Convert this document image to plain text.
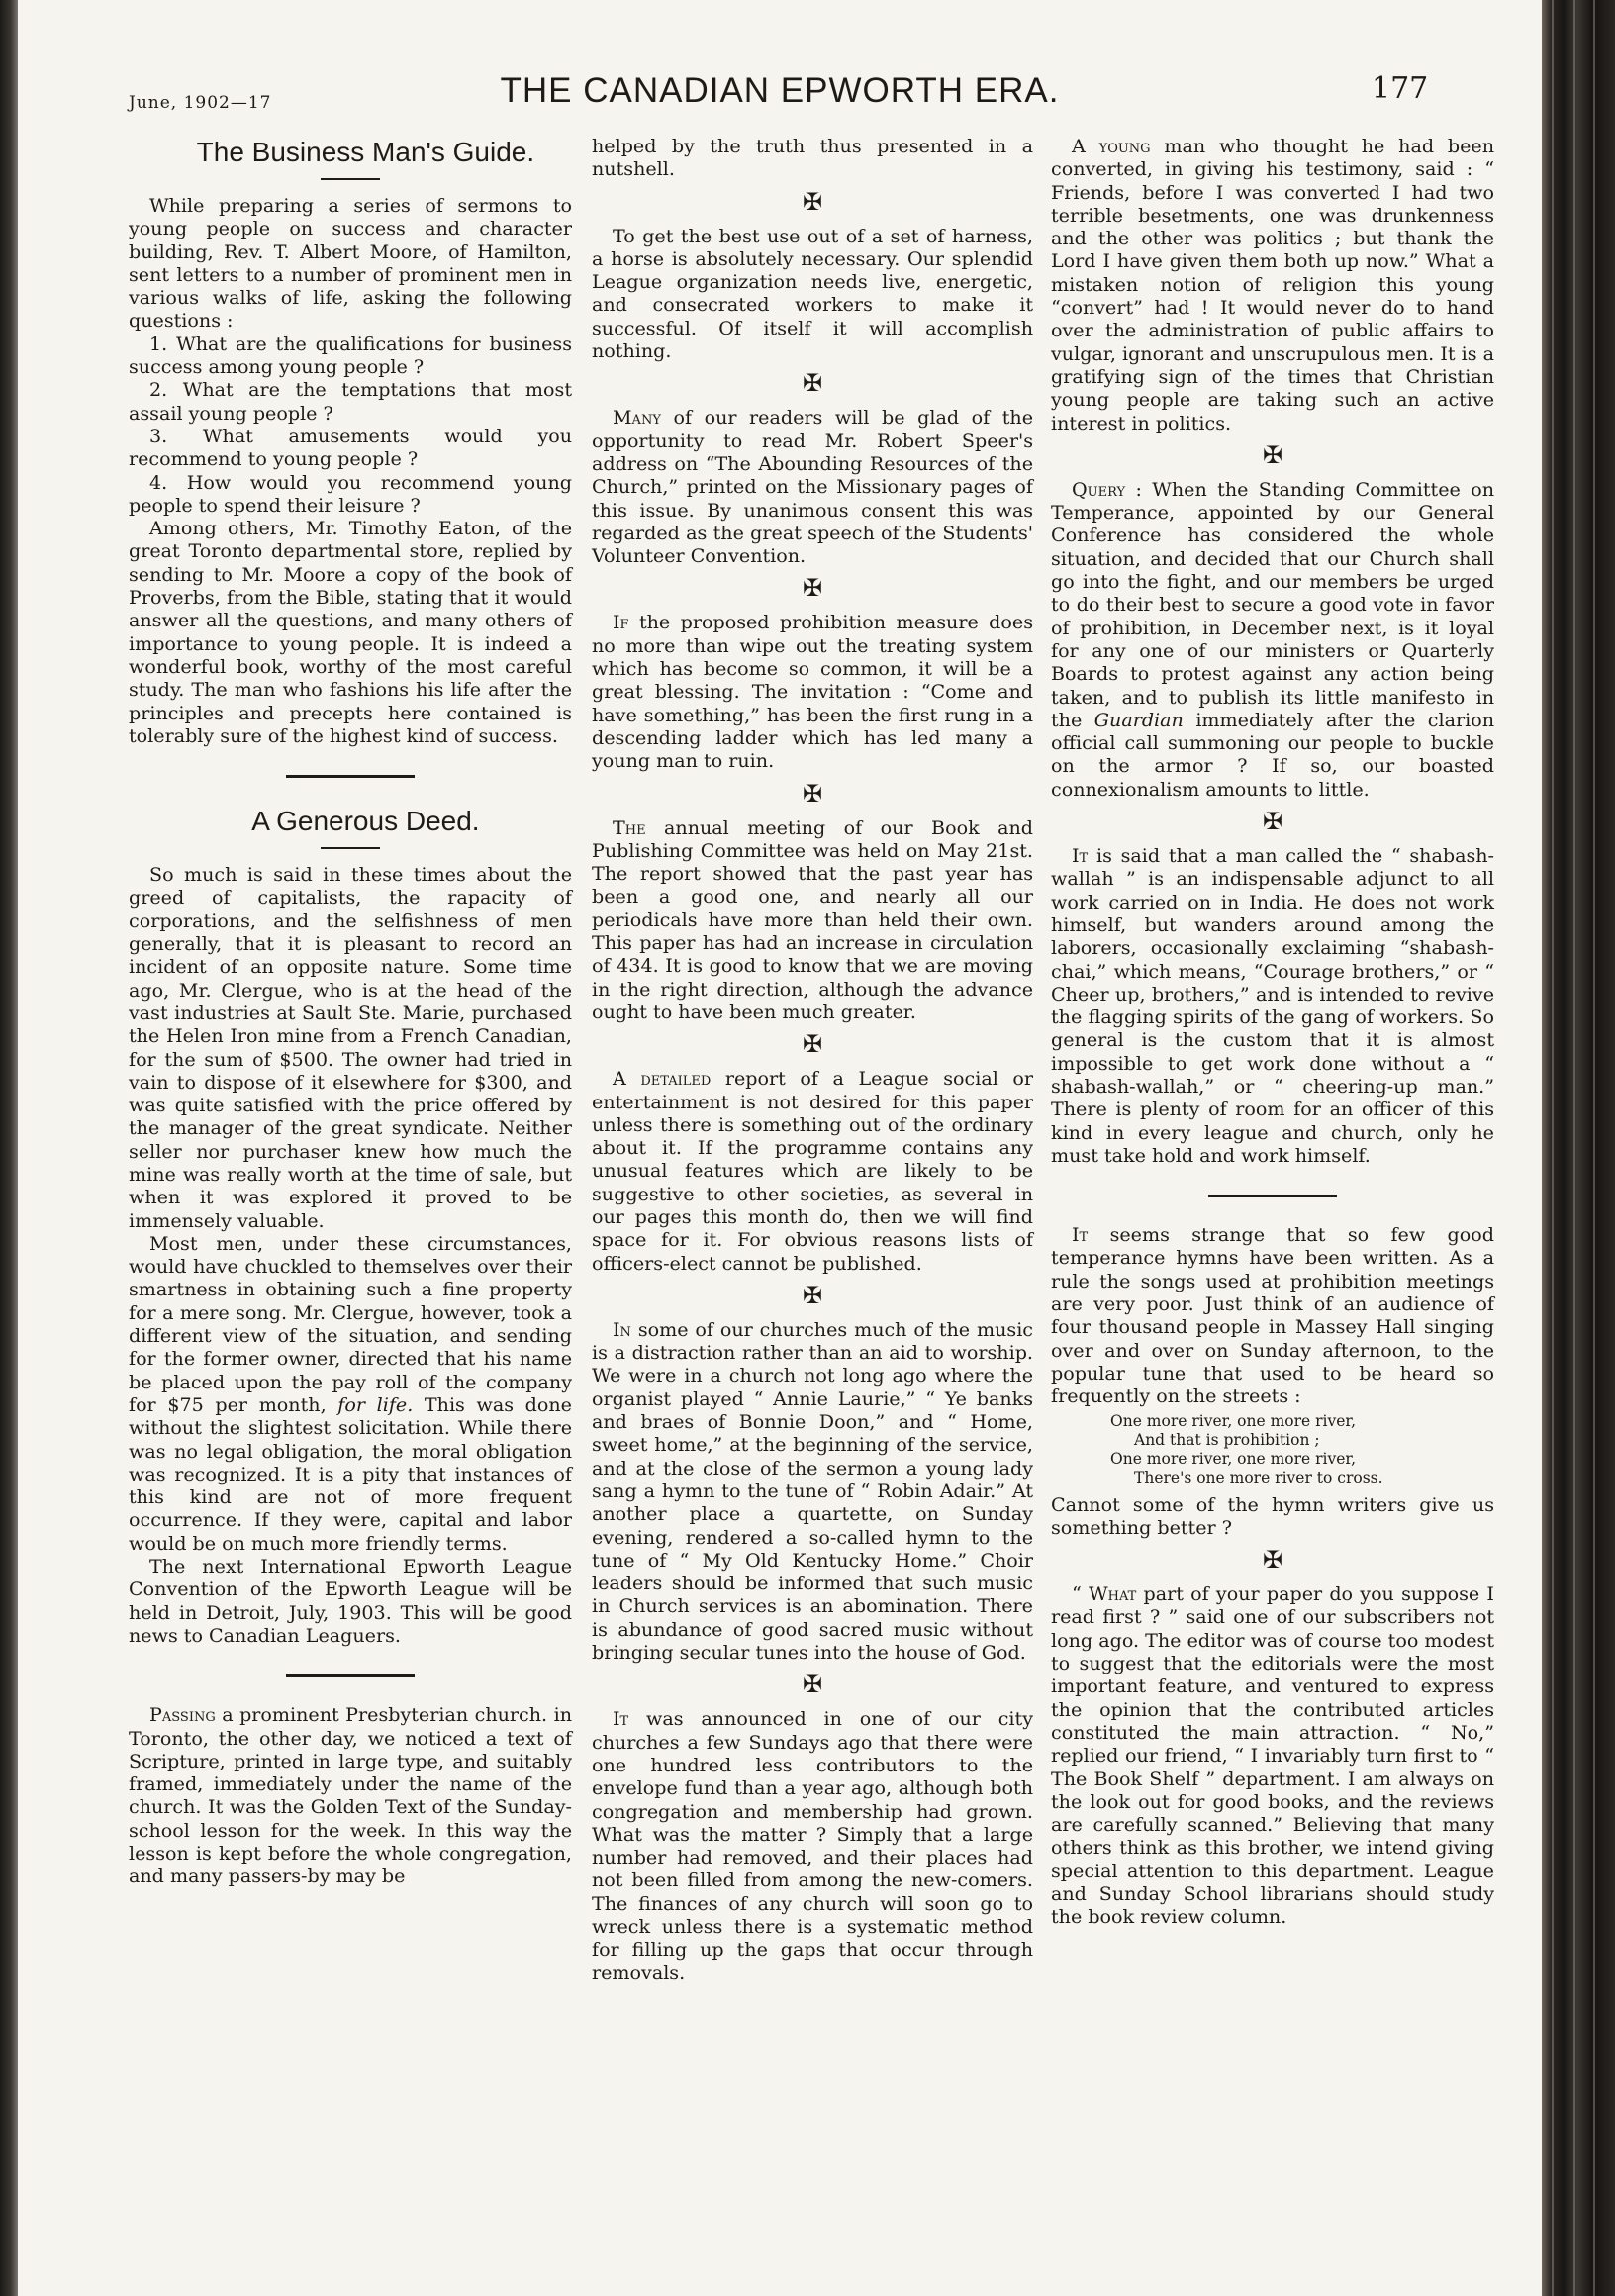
June, 1902—17	THE CANADIAN EPWORTH ERA.	177

The Business Man's Guide.

While preparing a series of sermons to young people on success and character building, Rev. T. Albert Moore, of Hamilton, sent letters to a number of prominent men in various walks of life, asking the following questions :

1. What are the qualifications for business success among young people ?

2. What are the temptations that most assail young people ?

3. What amusements would you recommend to young people ?

4. How would you recommend young people to spend their leisure ?

Among others, Mr. Timothy Eaton, of the great Toronto departmental store, replied by sending to Mr. Moore a copy of the book of Proverbs, from the Bible, stating that it would answer all the questions, and many others of importance to young people. It is indeed a wonderful book, worthy of the most careful study. The man who fashions his life after the principles and precepts here contained is tolerably sure of the highest kind of success.

A Generous Deed.

So much is said in these times about the greed of capitalists, the rapacity of corporations, and the selfishness of men generally, that it is pleasant to record an incident of an opposite nature. Some time ago, Mr. Clergue, who is at the head of the vast industries at Sault Ste. Marie, purchased the Helen Iron mine from a French Canadian, for the sum of $500. The owner had tried in vain to dispose of it elsewhere for $300, and was quite satisfied with the price offered by the manager of the great syndicate. Neither seller nor purchaser knew how much the mine was really worth at the time of sale, but when it was explored it proved to be immensely valuable.

Most men, under these circumstances, would have chuckled to themselves over their smartness in obtaining such a fine property for a mere song. Mr. Clergue, however, took a different view of the situation, and sending for the former owner, directed that his name be placed upon the pay roll of the company for $75 per month, for life. This was done without the slightest solicitation. While there was no legal obligation, the moral obligation was recognized. It is a pity that instances of this kind are not of more frequent occurrence. If they were, capital and labor would be on much more friendly terms.

The next International Epworth League Convention of the Epworth League will be held in Detroit, July, 1903. This will be good news to Canadian Leaguers.

Passing a prominent Presbyterian church. in Toronto, the other day, we noticed a text of Scripture, printed in large type, and suitably framed, immediately under the name of the church. It was the Golden Text of the Sunday-school lesson for the week. In this way the lesson is kept before the whole congregation, and many passers-by may be

helped by the truth thus presented in a nutshell.

✠

To get the best use out of a set of harness, a horse is absolutely necessary. Our splendid League organization needs live, energetic, and consecrated workers to make it successful. Of itself it will accomplish nothing.

✠

Many of our readers will be glad of the opportunity to read Mr. Robert Speer's address on “The Abounding Resources of the Church,” printed on the Missionary pages of this issue. By unanimous consent this was regarded as the great speech of the Students' Volunteer Convention.

✠

If the proposed prohibition measure does no more than wipe out the treating system which has become so common, it will be a great blessing. The invitation : “Come and have something,” has been the first rung in a descending ladder which has led many a young man to ruin.

✠

The annual meeting of our Book and Publishing Committee was held on May 21st. The report showed that the past year has been a good one, and nearly all our periodicals have more than held their own. This paper has had an increase in circulation of 434. It is good to know that we are moving in the right direction, although the advance ought to have been much greater.

✠

A detailed report of a League social or entertainment is not desired for this paper unless there is something out of the ordinary about it. If the programme contains any unusual features which are likely to be suggestive to other societies, as several in our pages this month do, then we will find space for it. For obvious reasons lists of officers-elect cannot be published.

✠

In some of our churches much of the music is a distraction rather than an aid to worship. We were in a church not long ago where the organist played “ Annie Laurie,” “ Ye banks and braes of Bonnie Doon,” and “ Home, sweet home,” at the beginning of the service, and at the close of the sermon a young lady sang a hymn to the tune of “ Robin Adair.” At another place a quartette, on Sunday evening, rendered a so-called hymn to the tune of “ My Old Kentucky Home.” Choir leaders should be informed that such music in Church services is an abomination. There is abundance of good sacred music without bringing secular tunes into the house of God.

✠

It was announced in one of our city churches a few Sundays ago that there were one hundred less contributors to the envelope fund than a year ago, although both congregation and membership had grown. What was the matter ? Simply that a large number had removed, and their places had not been filled from among the new-comers. The finances of any church will soon go to wreck unless there is a systematic method for filling up the gaps that occur through removals.

A young man who thought he had been converted, in giving his testimony, said : “ Friends, before I was converted I had two terrible besetments, one was drunkenness and the other was politics ; but thank the Lord I have given them both up now.” What a mistaken notion of religion this young “convert” had ! It would never do to hand over the administration of public affairs to vulgar, ignorant and unscrupulous men. It is a gratifying sign of the times that Christian young people are taking such an active interest in politics.

✠

Query : When the Standing Committee on Temperance, appointed by our General Conference has considered the whole situation, and decided that our Church shall go into the fight, and our members be urged to do their best to secure a good vote in favor of prohibition, in December next, is it loyal for any one of our ministers or Quarterly Boards to protest against any action being taken, and to publish its little manifesto in the Guardian immediately after the clarion official call summoning our people to buckle on the armor ? If so, our boasted connexionalism amounts to little.

✠

It is said that a man called the “ shabash-wallah ” is an indispensable adjunct to all work carried on in India. He does not work himself, but wanders around among the laborers, occasionally exclaiming “shabash-chai,” which means, “Courage brothers,” or “ Cheer up, brothers,” and is intended to revive the flagging spirits of the gang of workers. So general is the custom that it is almost impossible to get work done without a “ shabash-wallah,” or “ cheering-up man.” There is plenty of room for an officer of this kind in every league and church, only he must take hold and work himself.

It seems strange that so few good temperance hymns have been written. As a rule the songs used at prohibition meetings are very poor. Just think of an audience of four thousand people in Massey Hall singing over and over on Sunday afternoon, to the popular tune that used to be heard so frequently on the streets :

One more river, one more river,
And that is prohibition ;
One more river, one more river,
There's one more river to cross.

Cannot some of the hymn writers give us something better ?

✠

“ What part of your paper do you suppose I read first ? ” said one of our subscribers not long ago. The editor was of course too modest to suggest that the editorials were the most important feature, and ventured to express the opinion that the contributed articles constituted the main attraction. “ No,” replied our friend, “ I invariably turn first to “ The Book Shelf ” department. I am always on the look out for good books, and the reviews are carefully scanned.” Believing that many others think as this brother, we intend giving special attention to this department. League and Sunday School librarians should study the book review column.
